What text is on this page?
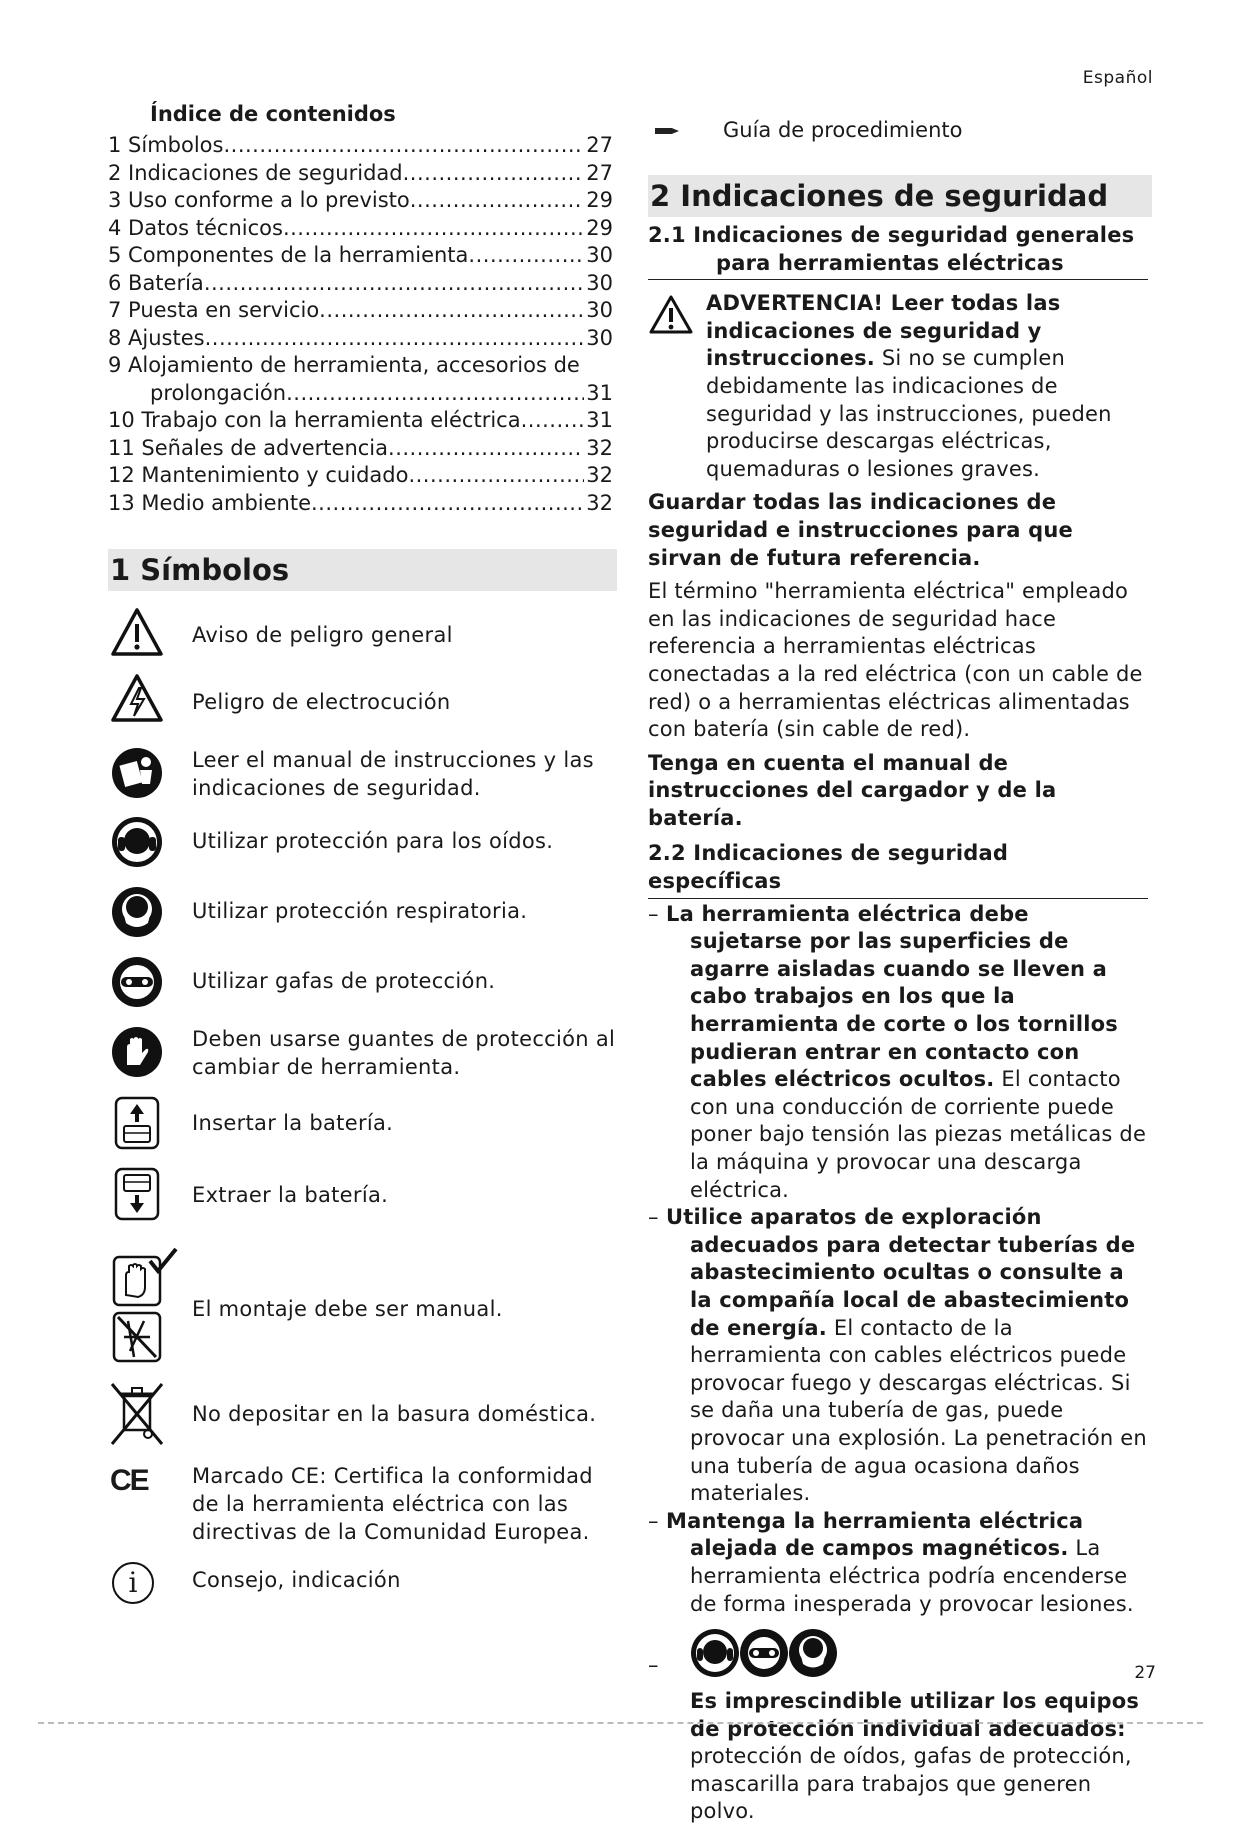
Español
Índice de contenidos
1 Símbolos .....	27
2 Indicaciones de seguridad .....	27
3 Uso conforme a lo previsto .....	29
4 Datos técnicos .....	29
5 Componentes de la herramienta .....	30
6 Batería .....	30
7 Puesta en servicio .....	30
8 Ajustes .....	30
9 Alojamiento de herramienta, accesorios de
prolongación .....	31
10 Trabajo con la herramienta eléctrica .....	31
11 Señales de advertencia .....	32
12 Mantenimiento y cuidado .....	32
13 Medio ambiente .....	32
1 Símbolos
Aviso de peligro general
Peligro de electrocución
Leer el manual de instrucciones y las indicaciones de seguridad.
Utilizar protección para los oídos.
Utilizar protección respiratoria.
Utilizar gafas de protección.
Deben usarse guantes de protección al cambiar de herramienta.
Insertar la batería.
Extraer la batería.
El montaje debe ser manual.
No depositar en la basura doméstica.
CE Marcado CE: Certifica la conformidad de la herramienta eléctrica con las directivas de la Comunidad Europea.
i	Consejo, indicación
Guía de procedimiento
2 Indicaciones de seguridad
2.1 Indicaciones de seguridad generales
para herramientas eléctricas
ADVERTENCIA! Leer todas las indicaciones de seguridad y instrucciones. Si no se cumplen debidamente las indicaciones de seguridad y las instrucciones, pueden producirse descargas eléctricas, quemaduras o lesiones graves.

Guardar todas las indicaciones de seguridad e instrucciones para que sirvan de futura referencia.

El término "herramienta eléctrica" empleado en las indicaciones de seguridad hace referencia a herramientas eléctricas conectadas a la red eléctrica (con un cable de red) o a herramientas eléctricas alimentadas con batería (sin cable de red).

Tenga en cuenta el manual de instrucciones del cargador y de la batería.

2.2 Indicaciones de seguridad específicas
– La herramienta eléctrica debe sujetarse por las superficies de agarre aisladas cuando se lleven a cabo trabajos en los que la herramienta de corte o los tornillos pudieran entrar en contacto con cables eléctricos ocultos. El contacto con una conducción de corriente puede poner bajo tensión las piezas metálicas de la máquina y provocar una descarga eléctrica.
– Utilice aparatos de exploración adecuados para detectar tuberías de abastecimiento ocultas o consulte a la compañía local de abastecimiento de energía. El contacto de la herramienta con cables eléctricos puede provocar fuego y descargas eléctricas. Si se daña una tubería de gas, puede provocar una explosión. La penetración en una tubería de agua ocasiona daños materiales.
– Mantenga la herramienta eléctrica alejada de campos magnéticos. La herramienta eléctrica podría encenderse de forma inesperada y provocar lesiones.
–

Es imprescindible utilizar los equipos de protección individual adecuados: protección de oídos, gafas de protección, mascarilla para trabajos que generen polvo.

27
